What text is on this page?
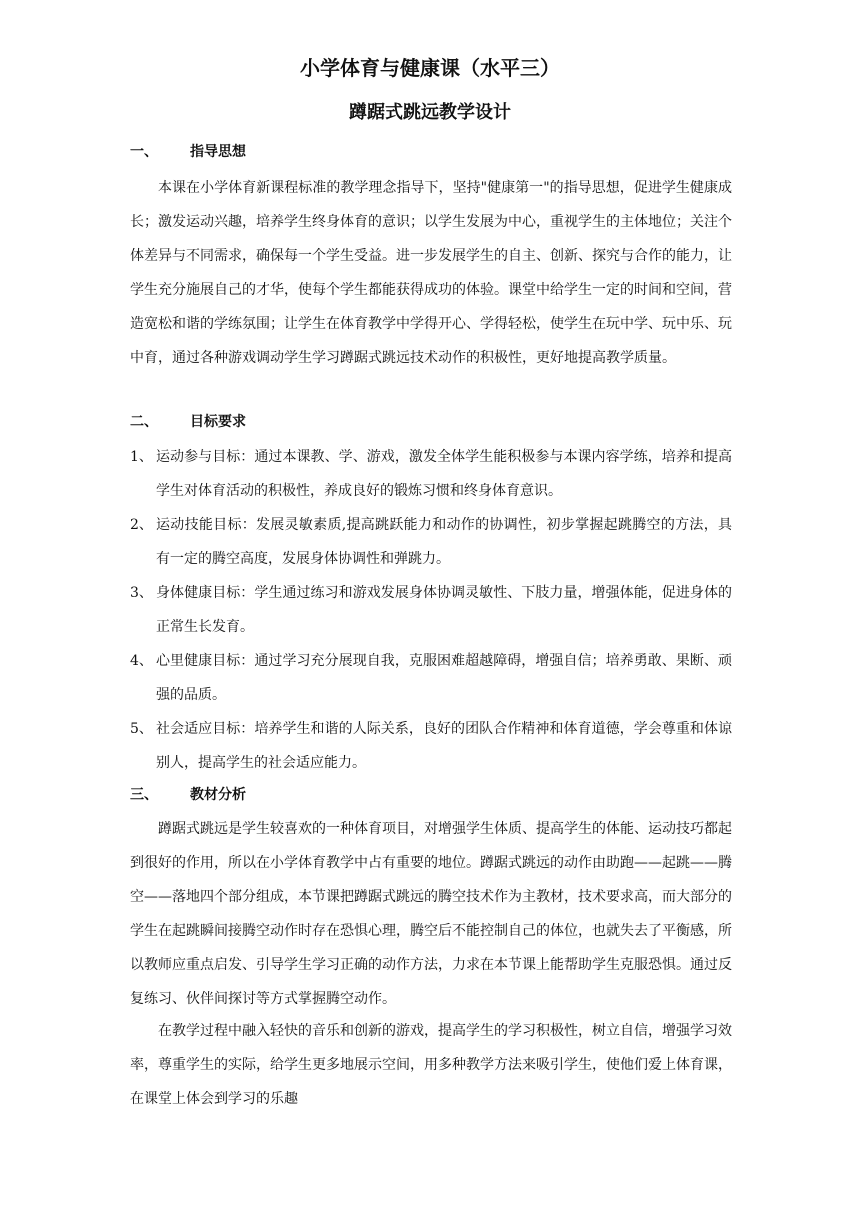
小学体育与健康课（水平三）
蹲踞式跳远教学设计
一、 指导思想
本课在小学体育新课程标准的教学理念指导下，坚持"健康第一"的指导思想，促进学生健康成长；激发运动兴趣，培养学生终身体育的意识；以学生发展为中心，重视学生的主体地位；关注个体差异与不同需求，确保每一个学生受益。进一步发展学生的自主、创新、探究与合作的能力，让学生充分施展自己的才华，使每个学生都能获得成功的体验。课堂中给学生一定的时间和空间，营造宽松和谐的学练氛围；让学生在体育教学中学得开心、学得轻松，使学生在玩中学、玩中乐、玩中育，通过各种游戏调动学生学习蹲踞式跳远技术动作的积极性，更好地提高教学质量。
二、 目标要求
1、 运动参与目标：通过本课教、学、游戏，激发全体学生能积极参与本课内容学练，培养和提高学生对体育活动的积极性，养成良好的锻炼习惯和终身体育意识。
2、 运动技能目标：发展灵敏素质,提高跳跃能力和动作的协调性，初步掌握起跳腾空的方法，具有一定的腾空高度，发展身体协调性和弹跳力。
3、 身体健康目标：学生通过练习和游戏发展身体协调灵敏性、下肢力量，增强体能，促进身体的正常生长发育。
4、 心里健康目标：通过学习充分展现自我，克服困难超越障碍，增强自信；培养勇敢、果断、顽强的品质。
5、 社会适应目标：培养学生和谐的人际关系，良好的团队合作精神和体育道德，学会尊重和体谅别人，提高学生的社会适应能力。
三、 教材分析
蹲踞式跳远是学生较喜欢的一种体育项目，对增强学生体质、提高学生的体能、运动技巧都起到很好的作用，所以在小学体育教学中占有重要的地位。蹲踞式跳远的动作由助跑——起跳——腾空——落地四个部分组成，本节课把蹲踞式跳远的腾空技术作为主教材，技术要求高，而大部分的学生在起跳瞬间接腾空动作时存在恐惧心理，腾空后不能控制自己的体位，也就失去了平衡感，所以教师应重点启发、引导学生学习正确的动作方法，力求在本节课上能帮助学生克服恐惧。通过反复练习、伙伴间探讨等方式掌握腾空动作。
在教学过程中融入轻快的音乐和创新的游戏，提高学生的学习积极性，树立自信，增强学习效率，尊重学生的实际，给学生更多地展示空间，用多种教学方法来吸引学生，使他们爱上体育课，在课堂上体会到学习的乐趣
